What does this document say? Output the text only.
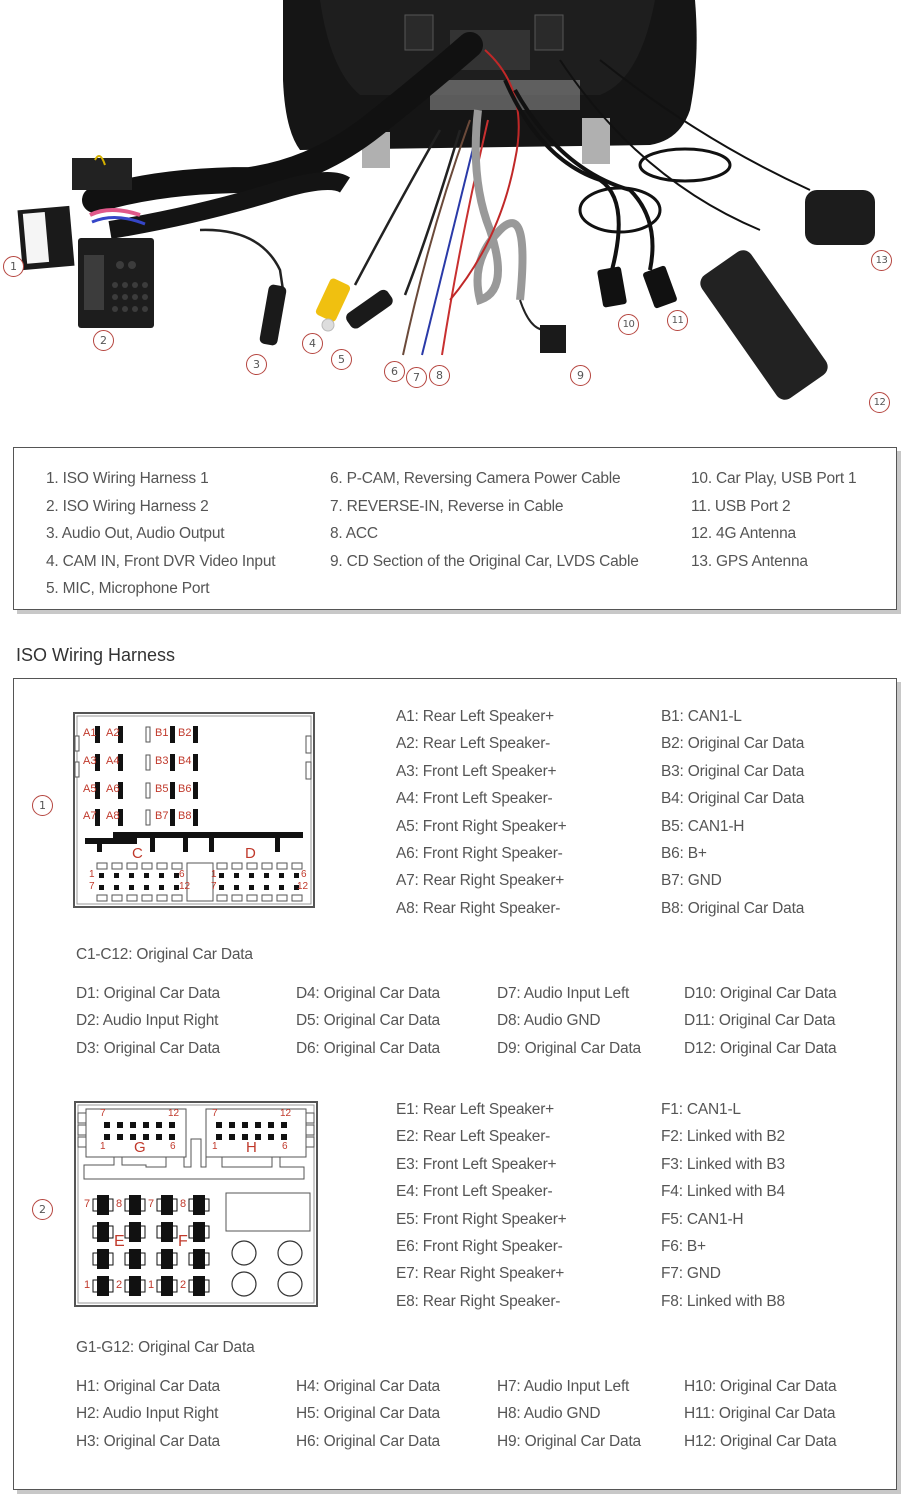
1
2
3
4
5
6	7	8	9
10	11
12
13
1. ISO Wiring Harness 1
2. ISO Wiring Harness 2
3. Audio Out, Audio Output
4. CAM IN, Front DVR Video Input
5. MIC, Microphone Port
6. P-CAM, Reversing Camera Power Cable
7. REVERSE-IN, Reverse in Cable
8. ACC
9. CD Section of the Original Car, LVDS Cable
10. Car Play, USB Port 1
11. USB Port 2
12. 4G Antenna
13. GPS Antenna
ISO Wiring Harness
1
A1 A2
A3 A4
A5 A6
A7 A8
B1 B2
B3 B4
B5 B6
B7 B8
C	D
1	6
7	12
1	6
7	12
A1: Rear Left Speaker+
A2: Rear Left Speaker-
A3: Front Left Speaker+
A4: Front Left Speaker-
A5: Front Right Speaker+
A6: Front Right Speaker-
A7: Rear Right Speaker+
A8: Rear Right Speaker-
B1: CAN1-L
B2: Original Car Data
B3: Original Car Data
B4: Original Car Data
B5: CAN1-H
B6: B+
B7: GND
B8: Original Car Data
C1-C12: Original Car Data
D1: Original Car Data
D2: Audio Input Right
D3: Original Car Data
D4: Original Car Data
D5: Original Car Data
D6: Original Car Data
D7: Audio Input Left
D8: Audio GND
D9: Original Car Data
D10: Original Car Data
D11: Original Car Data
D12: Original Car Data
2
7	12
1	6
G
7	12
1	6
H
7 8 7 8
1 2 1 2
E	F
E1: Rear Left Speaker+
E2: Rear Left Speaker-
E3: Front Left Speaker+
E4: Front Left Speaker-
E5: Front Right Speaker+
E6: Front Right Speaker-
E7: Rear Right Speaker+
E8: Rear Right Speaker-
F1: CAN1-L
F2: Linked with B2
F3: Linked with B3
F4: Linked with B4
F5: CAN1-H
F6: B+
F7: GND
F8: Linked with B8
G1-G12: Original Car Data
H1: Original Car Data
H2: Audio Input Right
H3: Original Car Data
H4: Original Car Data
H5: Original Car Data
H6: Original Car Data
H7: Audio Input Left
H8: Audio GND
H9: Original Car Data
H10: Original Car Data
H11: Original Car Data
H12: Original Car Data
